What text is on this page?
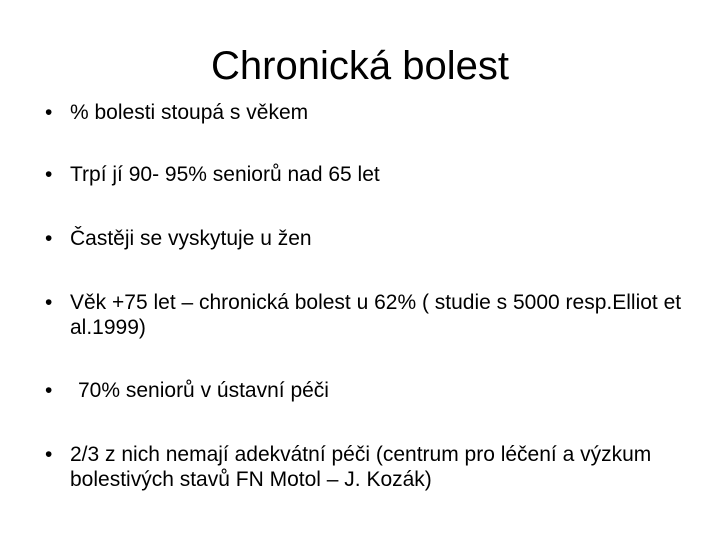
Chronická bolest
• % bolesti stoupá s věkem
• Trpí jí 90- 95% seniorů nad 65 let
• Častěji se vyskytuje u žen
• Věk +75 let – chronická bolest u 62% ( studie s 5000 resp.Elliot et al.1999)
•	70% seniorů v ústavní péči
• 2/3 z nich nemají adekvátní péči (centrum pro léčení a výzkum bolestivých stavů FN Motol – J. Kozák)
